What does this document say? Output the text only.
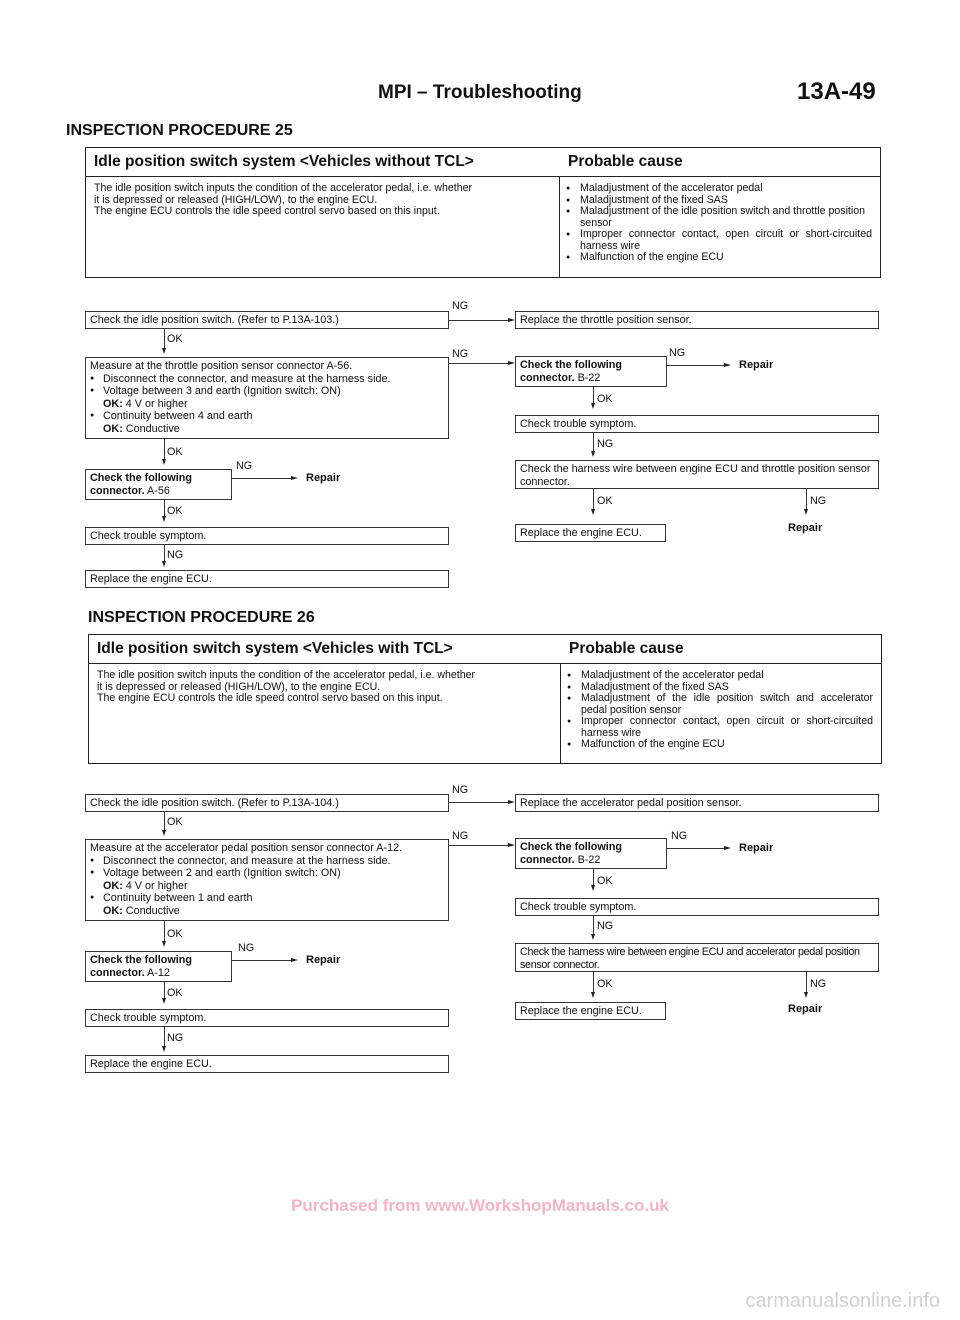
MPI – Troubleshooting	13A-49
INSPECTION PROCEDURE 25
Idle position switch system <Vehicles without TCL>	Probable cause
The idle position switch inputs the condition of the accelerator pedal, i.e. whether
it is depressed or released (HIGH/LOW), to the engine ECU.
The engine ECU controls the idle speed control servo based on this input.
● Maladjustment of the accelerator pedal
● Maladjustment of the fixed SAS
● Maladjustment of the idle position switch and throttle position sensor
● Improper connector contact, open circuit or short-circuited harness wire
● Malfunction of the engine ECU
Check the idle position switch. (Refer to P.13A-103.)
NG
Replace the throttle position sensor.
OK
Measure at the throttle position sensor connector A-56.
● Disconnect the connector, and measure at the harness side.
● Voltage between 3 and earth (Ignition switch: ON)
OK: 4 V or higher
● Continuity between 4 and earth
OK: Conductive
NG
Check the following connector. B-22
NG
Repair
OK
Check trouble symptom.
NG
Check the harness wire between engine ECU and throttle position sensor connector.
OK	NG
Replace the engine ECU.	Repair
OK
Check the following connector. A-56
NG
Repair
OK
Check trouble symptom.
NG
Replace the engine ECU.
INSPECTION PROCEDURE 26
Idle position switch system <Vehicles with TCL>	Probable cause
The idle position switch inputs the condition of the accelerator pedal, i.e. whether
it is depressed or released (HIGH/LOW), to the engine ECU.
The engine ECU controls the idle speed control servo based on this input.
● Maladjustment of the accelerator pedal
● Maladjustment of the fixed SAS
● Maladjustment of the idle position switch and accelerator pedal position sensor
● Improper connector contact, open circuit or short-circuited harness wire
● Malfunction of the engine ECU
Check the idle position switch. (Refer to P.13A-104.)
NG
Replace the accelerator pedal position sensor.
OK
Measure at the accelerator pedal position sensor connector A-12.
● Disconnect the connector, and measure at the harness side.
● Voltage between 2 and earth (Ignition switch: ON)
OK: 4 V or higher
● Continuity between 1 and earth
OK: Conductive
NG
Check the following connector. B-22
NG
Repair
OK
Check trouble symptom.
NG
Check the harness wire between engine ECU and accelerator pedal position sensor connector.
OK	NG
Replace the engine ECU.	Repair
OK
Check the following connector. A-12
NG
Repair
OK
Check trouble symptom.
NG
Replace the engine ECU.
Purchased from www.WorkshopManuals.co.uk
carmanualsonline.info
